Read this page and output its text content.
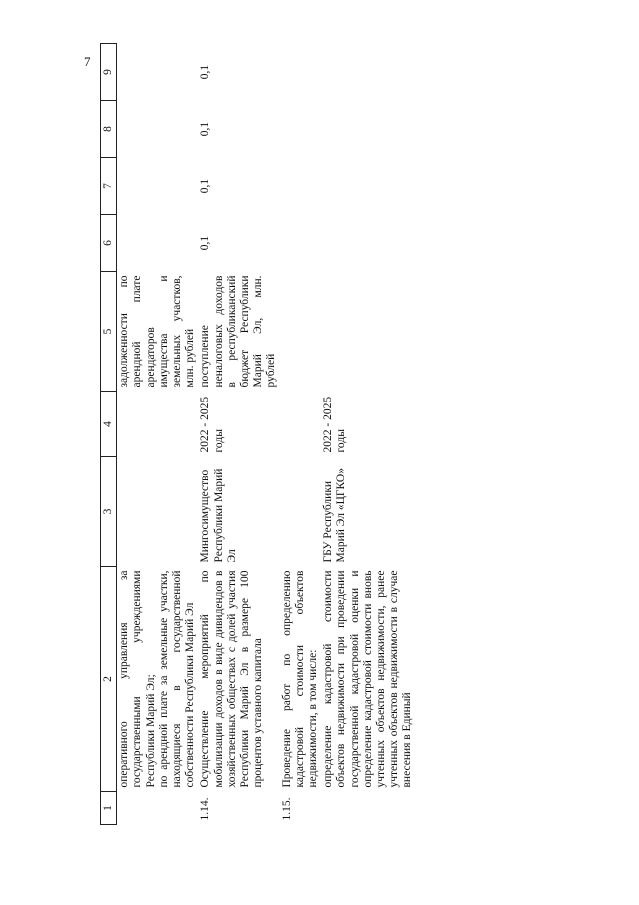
7
1	2	3	4	5	6	7	8	9

	оперативного управления за государственными учреждениями Республики Марий Эл; по арендной плате за земельные участки, находящиеся в государственной собственности Республики Марий Эл			задолженности по арендной плате арендаторов имущества и земельных участков, млн. рублей				
1.14.	Осуществление мероприятий по мобилизации доходов в виде дивидендов в хозяйственных обществах с долей участия Республики Марий Эл в размере 100 процентов уставного капитала	Мингосимущество Республики Марий Эл	2022 - 2025 годы	поступление неналоговых доходов в республиканский бюджет Республики Марий Эл, млн. рублей	0,1	0,1	0,1	0,1
1.15.	Проведение работ по определению кадастровой стоимости объектов недвижимости, в том числе:							
	определение кадастровой стоимости объектов недвижимости при проведении государственной кадастровой оценки и определение кадастровой стоимости вновь учтенных объектов недвижимости, ранее учтенных объектов недвижимости в случае внесения в Единый	ГБУ Республики Марий Эл «ЦГКО»	2022 - 2025 годы					
